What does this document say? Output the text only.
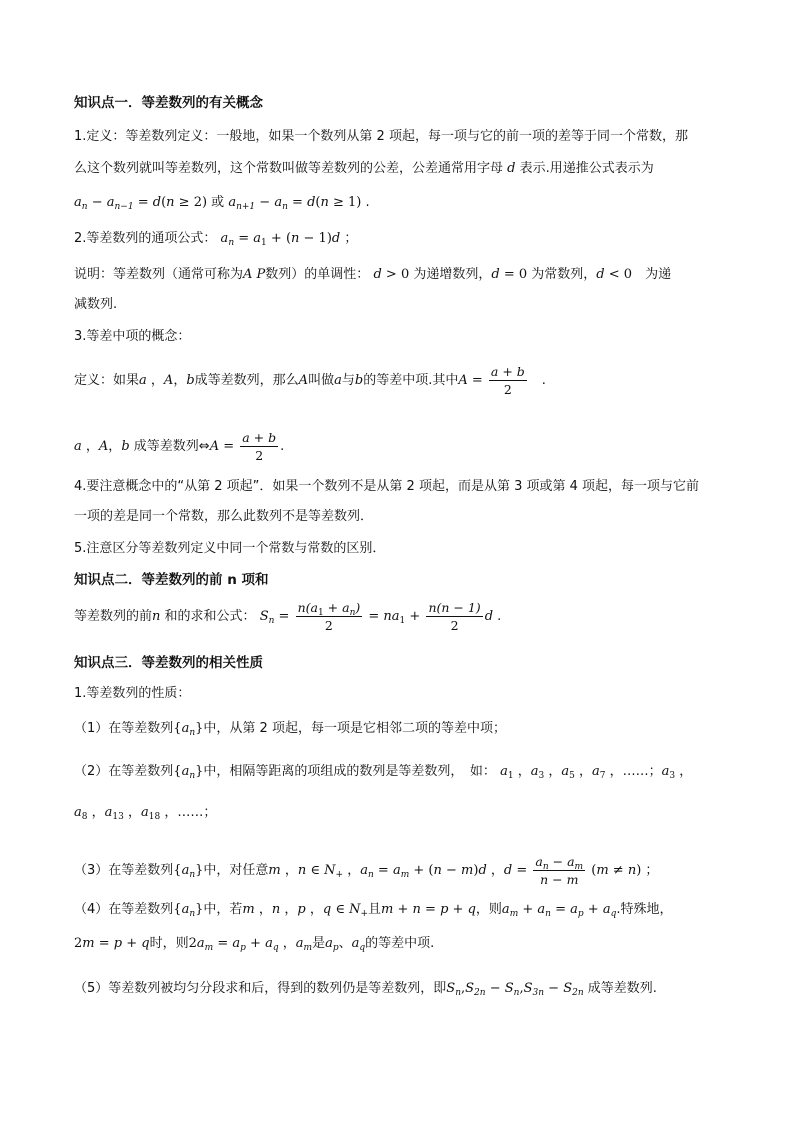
知识点一．等差数列的有关概念
1.定义：等差数列定义：一般地，如果一个数列从第 2 项起，每一项与它的前一项的差等于同一个常数，那
么这个数列就叫等差数列，这个常数叫做等差数列的公差，公差通常用字母 d 表示.用递推公式表示为
$a_n - a_{n-1} = d(n \ge 2)$ 或 $a_{n+1} - a_n = d(n \ge 1)$ .
2.等差数列的通项公式： $a_n = a_1 + (n - 1)d$ ；
说明：等差数列（通常可称为A P数列）的单调性： d > 0 为递增数列，d = 0 为常数列，d < 0　 为递
减数列.
3.等差中项的概念：
定义：如果a ，A，b成等差数列，那么A叫做a与b的等差中项.其中$A = \frac{a + b}{2}$ 　.
a ，A，b 成等差数列⇔A = $\frac{a + b}{2}$ .
4.要注意概念中的“从第 2 项起”．如果一个数列不是从第 2 项起，而是从第 3 项或第 4 项起，每一项与它前
一项的差是同一个常数，那么此数列不是等差数列．
5.注意区分等差数列定义中同一个常数与常数的区别．
知识点二．等差数列的前 n 项和
等差数列的前n 和的求和公式： $S_n = \frac{n(a_1 + a_n)}{2} = na_1 + \frac{n(n - 1)}{2}$ d .
知识点三．等差数列的相关性质
1.等差数列的性质：
（1）在等差数列$\{a_n\}$中，从第 2 项起，每一项是它相邻二项的等差中项；
（2）在等差数列$\{a_n\}$中，相隔等距离的项组成的数列是等差数列，　如： $a_1$ ，$a_3$ ，$a_5$ ，$a_7$ ，……；$a_3$ ，
$a_8$ ，$a_{13}$ ，$a_{18}$ ，……；
（3）在等差数列$\{a_n\}$中，对任意m ，n ∈ $N_+$ ，$a_n = a_m + (n - m)d$ ，$d = \frac{a_n - a_m}{n - m} (m \ne n)$ ；
（4）在等差数列$\{a_n\}$中，若m ，n ，p ，q ∈ $N_+$且m + n = p + q，则$a_m + a_n = a_p + a_q$.特殊地，
2m = p + q时，则$2a_m = a_p + a_q$ ，$a_m$是$a_p$、$a_q$的等差中项.
（5）等差数列被均匀分段求和后，得到的数列仍是等差数列，即$S_n,S_{2n} - S_n,S_{3n} - S_{2n}$ 成等差数列.
